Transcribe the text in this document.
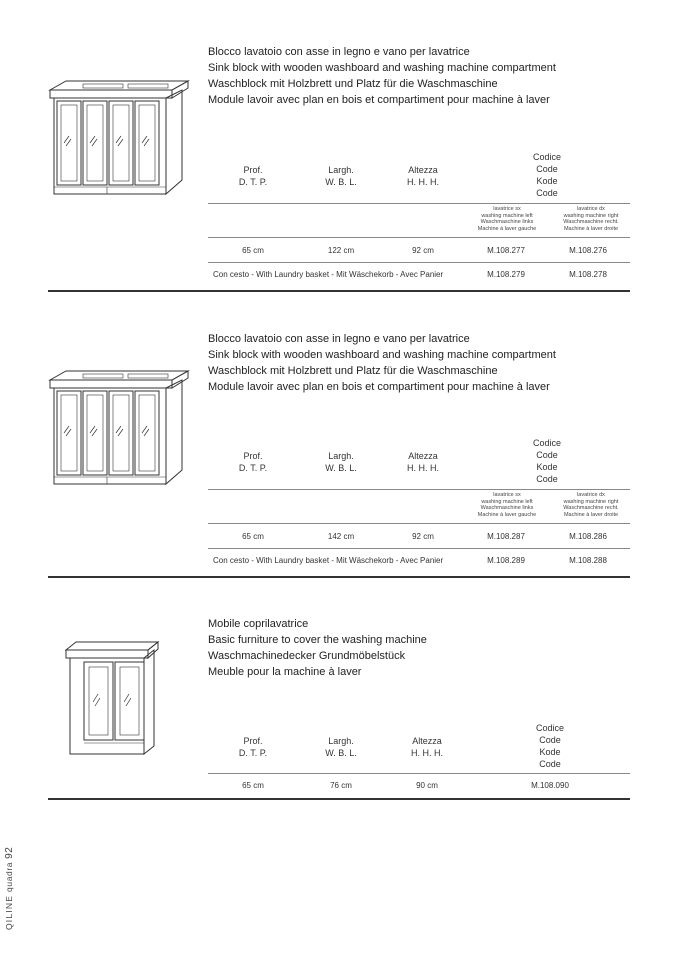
Blocco lavatoio con asse in legno e vano per lavatrice
Sink block with wooden washboard and washing machine compartment
Waschblock mit Holzbrett und Platz für die Waschmaschine
Module lavoir avec plan en bois et compartiment pour machine à laver
Prof.
D. T. P.
Largh.
W. B. L.
Altezza
H. H. H.
Codice
Code
Kode
Code
lavatrice sx
washing machine left
Waschmaschine links
Machine à laver gauche
lavatrice dx
washing machine right
Waschmaschine recht.
Machine à laver droite
65 cm	122 cm	92 cm	M.108.277	M.108.276
Con cesto - With Laundry basket - Mit Wäschekorb - Avec Panier	M.108.279	M.108.278
Blocco lavatoio con asse in legno e vano per lavatrice
Sink block with wooden washboard and washing machine compartment
Waschblock mit Holzbrett und Platz für die Waschmaschine
Module lavoir avec plan en bois et compartiment pour machine à laver
Prof.
D. T. P.
Largh.
W. B. L.
Altezza
H. H. H.
Codice
Code
Kode
Code
lavatrice sx
washing machine left
Waschmaschine links
Machine à laver gauche
lavatrice dx
washing machine right
Waschmaschine recht.
Machine à laver droite
65 cm	142 cm	92 cm	M.108.287	M.108.286
Con cesto - With Laundry basket - Mit Wäschekorb - Avec Panier	M.108.289	M.108.288
Mobile coprilavatrice
Basic furniture to cover the washing machine
Waschmachinedecker Grundmöbelstück
Meuble pour la machine à laver
Prof.
D. T. P.
Largh.
W. B. L.
Altezza
H. H. H.
Codice
Code
Kode
Code
65 cm	76 cm	90 cm	M.108.090
QILINE quadra 92
